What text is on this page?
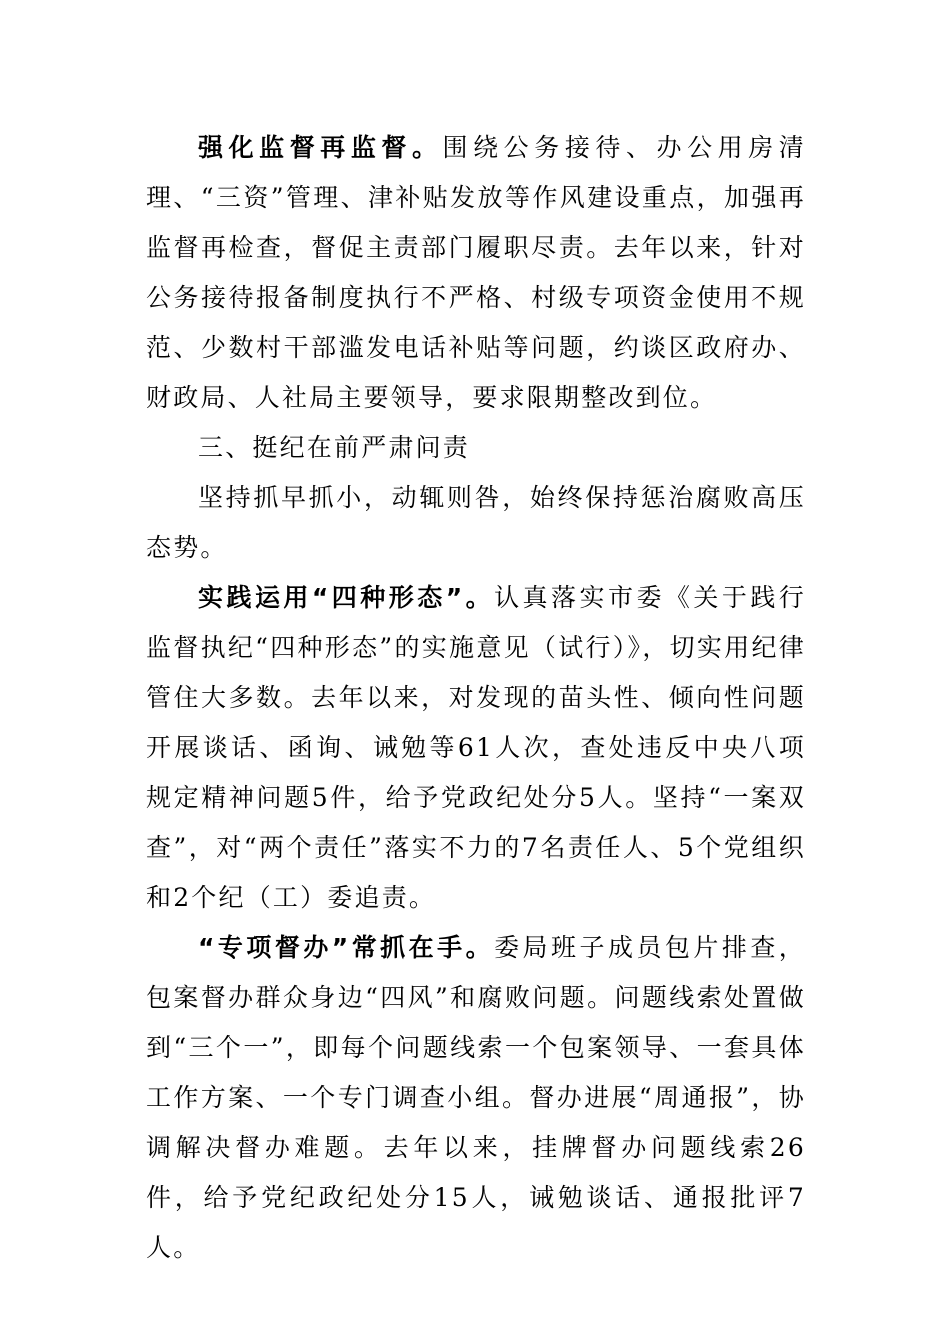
强化监督再监督。围绕公务接待、办公用房清理、“三资”管理、津补贴发放等作风建设重点，加强再监督再检查，督促主责部门履职尽责。去年以来，针对公务接待报备制度执行不严格、村级专项资金使用不规范、少数村干部滥发电话补贴等问题，约谈区政府办、财政局、人社局主要领导，要求限期整改到位。

三、挺纪在前严肃问责

坚持抓早抓小，动辄则咎，始终保持惩治腐败高压态势。

实践运用“四种形态”。认真落实市委《关于践行监督执纪“四种形态”的实施意见（试行）》，切实用纪律管住大多数。去年以来，对发现的苗头性、倾向性问题开展谈话、函询、诫勉等61人次，查处违反中央八项规定精神问题5件，给予党政纪处分5人。坚持“一案双查”，对“两个责任”落实不力的7名责任人、5个党组织和2个纪（工）委追责。

“专项督办”常抓在手。委局班子成员包片排查，包案督办群众身边“四风”和腐败问题。问题线索处置做到“三个一”，即每个问题线索一个包案领导、一套具体工作方案、一个专门调查小组。督办进展“周通报”，协调解决督办难题。去年以来，挂牌督办问题线索26件，给予党纪政纪处分15人，诫勉谈话、通报批评7人。
